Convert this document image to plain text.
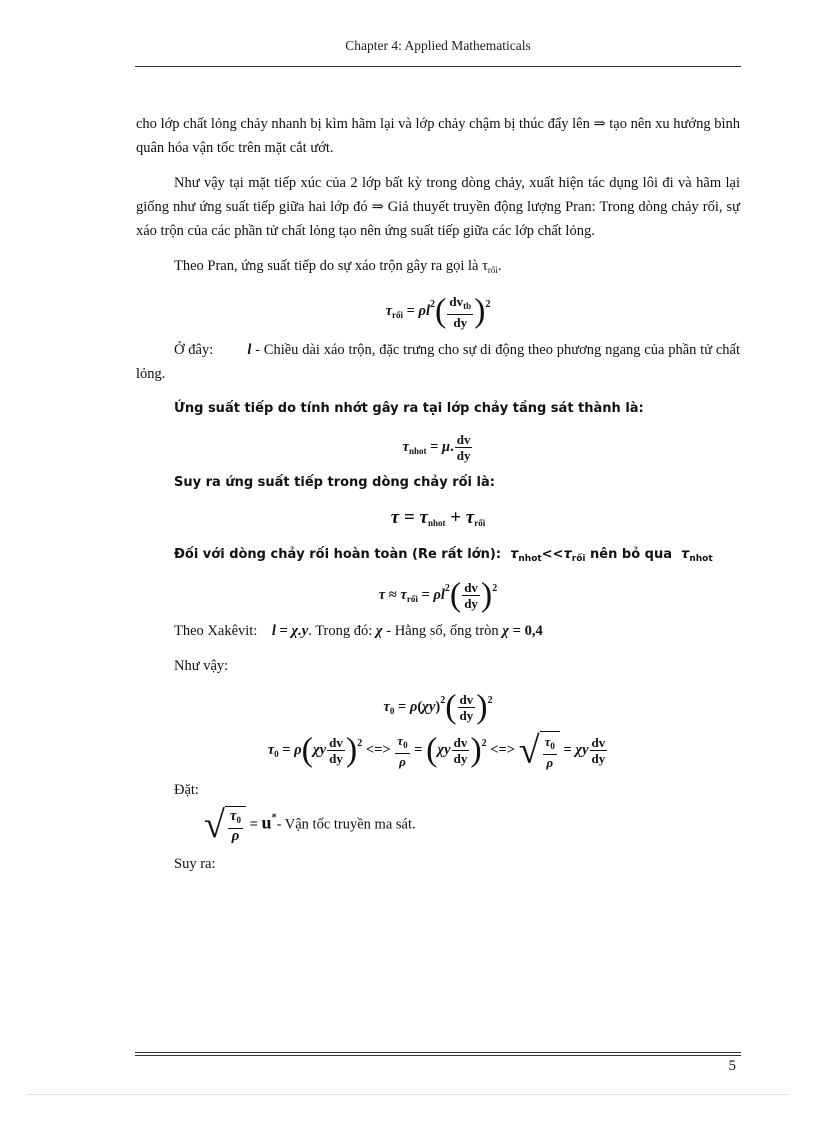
Chapter 4: Applied Mathematicals

cho lớp chất lỏng chảy nhanh bị kìm hãm lại và lớp chảy chậm bị thúc đẩy lên ⇒ tạo nên xu hướng bình quân hóa vận tốc trên mặt cắt ướt.

Như vậy tại mặt tiếp xúc của 2 lớp bất kỳ trong dòng chảy, xuất hiện tác dụng lôi đi và hãm lại giống như ứng suất tiếp giữa hai lớp đó ⇒ Giả thuyết truyền động lượng Pran: Trong dòng chảy rối, sự xáo trộn của các phần tử chất lỏng tạo nên ứng suất tiếp giữa các lớp chất lỏng.

Theo Pran, ứng suất tiếp do sự xáo trộn gây ra gọi là $\tau_{rối}$.

$\tau_{rối} = \rho l^2( \frac{dv_{tb}}{dy} )^2$

Ở đây: l - Chiều dài xáo trộn, đặc trưng cho sự di động theo phương ngang của phần tử chất lỏng.

Ứng suất tiếp do tính nhớt gây ra tại lớp chảy tầng sát thành là:

$\tau_{nhot} = \mu$. $\frac{dv}{dy}$

Suy ra ứng suất tiếp trong dòng chảy rối là:

$\tau = \tau_{nhot} + \tau_{rối}$

Đối với dòng chảy rối hoàn toàn (Re rất lớn): $\tau_{nhot}<<\tau_{rối}$ nên bỏ qua $\tau_{nhot}$

$\tau \approx \tau_{rối} = \rho l^2( \frac{dv}{dy} )^2$

Theo Xakêvit: l = χ.y. Trong đó: χ - Hằng số, ống tròn χ = 0,4

Như vậy:

$\tau_0 = \rho(\chi y)^2( \frac{dv}{dy} )^2$
$\tau_0 = \rho(\chi y \frac{dv}{dy} )^2$ <=> $\frac{\tau_0}{\rho} = (\chi y \frac{dv}{dy} )^2$ <=> √ $\frac{\tau_0}{\rho} = \chi y \frac{dv}{dy}$

Đặt:

√ $\frac{\tau_0}{\rho} = u^*-$ Vận tốc truyền ma sát.

Suy ra:

5
